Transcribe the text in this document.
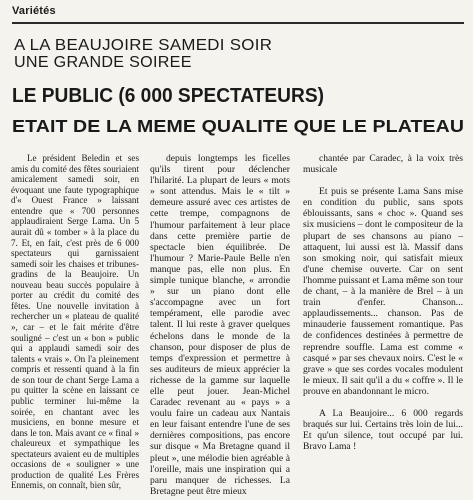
Variétés
A LA BEAUJOIRE SAMEDI SOIR
UNE GRANDE SOIREE
LE PUBLIC (6 000 SPECTATEURS)
ETAIT DE LA MEME QUALITE QUE LE PLATEAU

Le président Beledin et ses amis du comité des fêtes souriaient amicalement samedi soir, en évoquant une faute typographique d'« Ouest France » laissant entendre que « 700 personnes applaudiraient Serge Lama. Un 5 aurait dû « tomber » à la place du 7. Et, en fait, c'est près de 6 000 spectateurs qui garnissaient samedi soir les chaises et tribunes-gradins de la Beaujoire. Un nouveau beau succès populaire à porter au crédit du comité des fêtes. Une nouvelle invitation à rechercher un « plateau de qualité », car – et le fait mérite d'être souligné – c'est un « bon » public qui a applaudi samedi soir des talents « vrais ». On l'a pleinement compris et ressenti quand à la fin de son tour de chant Serge Lama a pu quitter la scène en laissant ce public terminer lui-même la soirée, en chantant avec les musiciens, en bonne mesure et dans le ton. Mais avant ce « final » chaleureux et sympathique les spectateurs avaient eu de multiples occasions de « souligner » une production de qualité Les Frères Ennemis, on connaît, bien sûr,

depuis longtemps les ficelles qu'ils tirent pour déclencher l'hilarité. La plupart de leurs « mots » sont attendus. Mais le « tilt » demeure assuré avec ces artistes de cette trempe, compagnons de l'humour parfaitement à leur place dans cette première partie de spectacle bien équilibrée. De l'humour ? Marie-Paule Belle n'en manque pas, elle non plus. En simple tunique blanche, « arrondie » sur un piano dont elle s'accompagne avec un fort tempérament, elle parodie avec talent. Il lui reste à graver quelques échelons dans le monde de la chanson, pour disposer de plus de temps d'expression et permettre à ses auditeurs de mieux apprécier la richesse de la gamme sur laquelle elle peut jouer. Jean-Michel Caradec revenant au « pays » a voulu faire un cadeau aux Nantais en leur faisant entendre l'une de ses dernières compositions, pas encore sur disque « Ma Bretagne quand il pleut », une mélodie bien agréable à l'oreille, mais une inspiration qui a paru manquer de richesses. La Bretagne peut être mieux

chantée par Caradec, à la voix très musicale

Et puis se présente Lama Sans mise en condition du public, sans spots éblouissants, sans « choc ». Quand ses six musiciens – dont le compositeur de la plupart de ses chansons au piano – attaquent, lui aussi est là. Massif dans son smoking noir, qui satisfait mieux d'une chemise ouverte. Car on sent l'homme puissant et Lama même son tour de chant, – à la manière de Brel – à un train d'enfer. Chanson... applaudissements... chanson. Pas de minauderie faussement romantique. Pas de confidences destinées à permettre de reprendre souffle. Lama est comme « casqué » par ses chevaux noirs. C'est le « grave » que ses cordes vocales modulent le mieux. Il sait qu'il a du « coffre ». Il le prouve en abandonnant le micro.

A La Beaujoire... 6 000 regards braqués sur lui. Certains très loin de lui... Et qu'un silence, tout occupé par lui. Bravo Lama !
